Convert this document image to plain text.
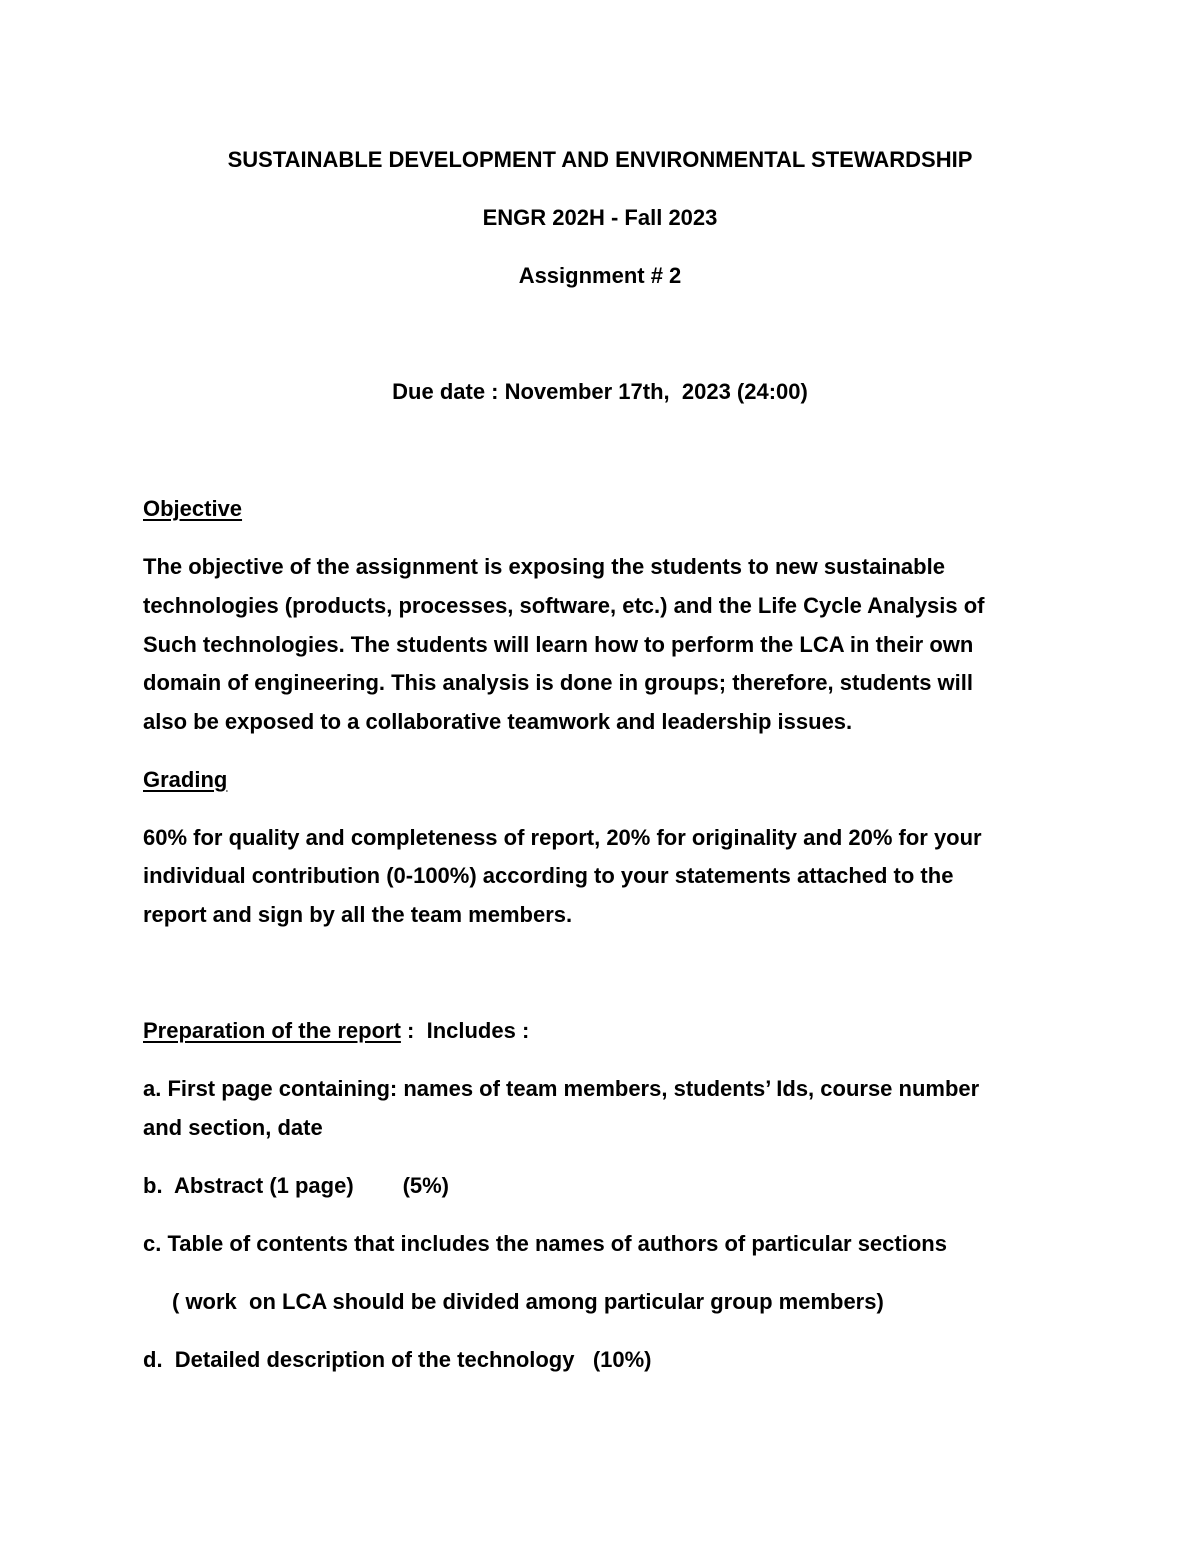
SUSTAINABLE DEVELOPMENT AND ENVIRONMENTAL STEWARDSHIP

ENGR 202H - Fall 2023

Assignment # 2

Due date : November 17th,  2023 (24:00)

Objective

The objective of the assignment is exposing the students to new sustainable

technologies (products, processes, software, etc.) and the Life Cycle Analysis of

Such technologies. The students will learn how to perform the LCA in their own

domain of engineering. This analysis is done in groups; therefore, students will

also be exposed to a collaborative teamwork and leadership issues.

Grading

60% for quality and completeness of report, 20% for originality and 20% for your

individual contribution (0-100%) according to your statements attached to the

report and sign by all the team members.

Preparation of the report :  Includes :

a. First page containing: names of team members, students’ Ids, course number

and section, date

b.  Abstract (1 page)        (5%)

c. Table of contents that includes the names of authors of particular sections

( work  on LCA should be divided among particular group members)

d.  Detailed description of the technology   (10%)
